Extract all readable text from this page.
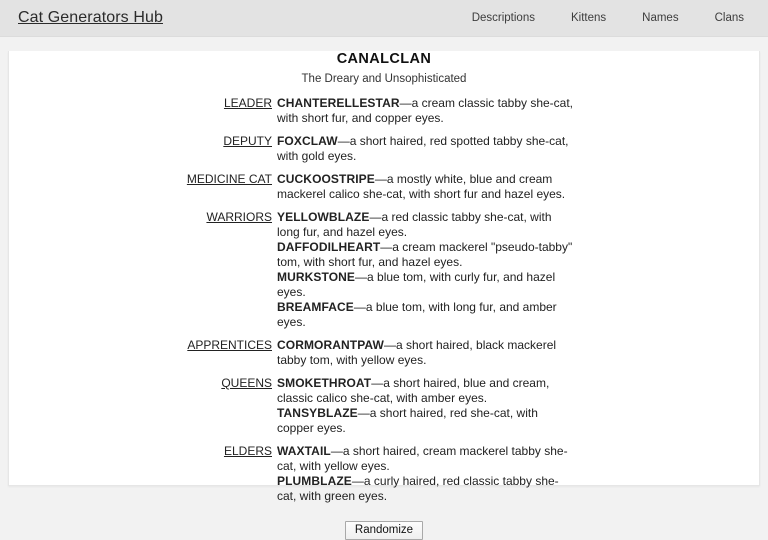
Cat Generators Hub	Descriptions	Kittens	Names	Clans
CANALCLAN
The Dreary and Unsophisticated
LEADER CHANTERELLESTAR—a cream classic tabby she-cat, with short fur, and copper eyes.
DEPUTY FOXCLAW—a short haired, red spotted tabby she-cat, with gold eyes.
MEDICINE CAT CUCKOOSTRIPE—a mostly white, blue and cream mackerel calico she-cat, with short fur and hazel eyes.
WARRIORS YELLOWBLAZE—a red classic tabby she-cat, with long fur, and hazel eyes.
DAFFODILHEART—a cream mackerel "pseudo-tabby" tom, with short fur, and hazel eyes.
MURKSTONE—a blue tom, with curly fur, and hazel eyes.
BREAMFACE—a blue tom, with long fur, and amber eyes.
APPRENTICES CORMORANTPAW—a short haired, black mackerel tabby tom, with yellow eyes.
QUEENS SMOKETHROAT—a short haired, blue and cream, classic calico she-cat, with amber eyes.
TANSYBLAZE—a short haired, red she-cat, with copper eyes.
ELDERS WAXTAIL—a short haired, cream mackerel tabby she-cat, with yellow eyes.
PLUMBLAZE—a curly haired, red classic tabby she-cat, with green eyes.
Randomize
